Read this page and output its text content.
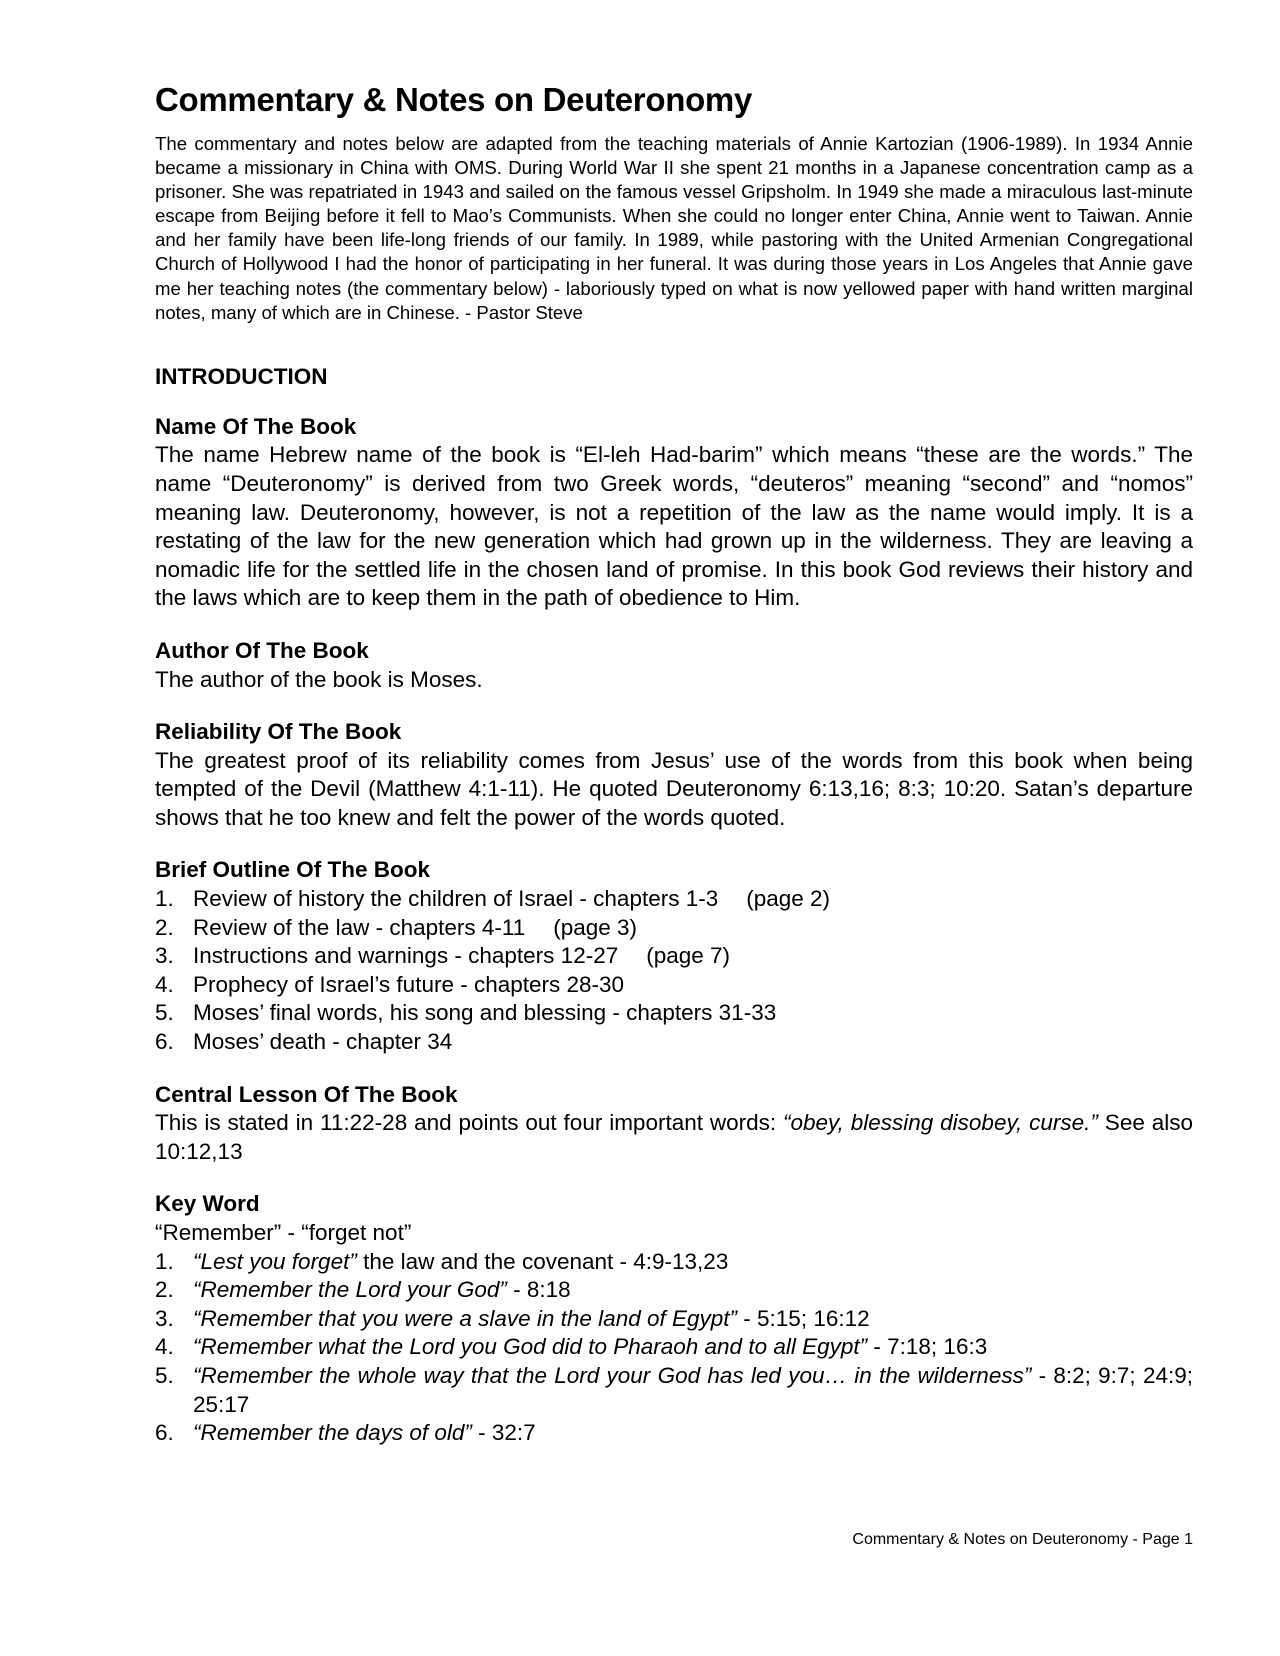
Commentary & Notes on Deuteronomy

The commentary and notes below are adapted from the teaching materials of Annie Kartozian (1906-1989). In 1934 Annie became a missionary in China with OMS. During World War II she spent 21 months in a Japanese concentration camp as a prisoner. She was repatriated in 1943 and sailed on the famous vessel Gripsholm. In 1949 she made a miraculous last-minute escape from Beijing before it fell to Mao’s Communists. When she could no longer enter China, Annie went to Taiwan. Annie and her family have been life-long friends of our family. In 1989, while pastoring with the United Armenian Congregational Church of Hollywood I had the honor of participating in her funeral. It was during those years in Los Angeles that Annie gave me her teaching notes (the commentary below) - laboriously typed on what is now yellowed paper with hand written marginal notes, many of which are in Chinese. - Pastor Steve

INTRODUCTION
Name Of The Book

The name Hebrew name of the book is “El-leh Had-barim” which means “these are the words.” The name “Deuteronomy” is derived from two Greek words, “deuteros” meaning “second” and “nomos” meaning law. Deuteronomy, however, is not a repetition of the law as the name would imply. It is a restating of the law for the new generation which had grown up in the wilderness. They are leaving a nomadic life for the settled life in the chosen land of promise. In this book God reviews their history and the laws which are to keep them in the path of obedience to Him.

Author Of The Book

The author of the book is Moses.

Reliability Of The Book

The greatest proof of its reliability comes from Jesus’ use of the words from this book when being tempted of the Devil (Matthew 4:1-11). He quoted Deuteronomy 6:13,16; 8:3; 10:20. Satan’s departure shows that he too knew and felt the power of the words quoted.

Brief Outline Of The Book
1. Review of history the children of Israel - chapters 1-3 (page 2)
2. Review of the law - chapters 4-11 (page 3)
3. Instructions and warnings - chapters 12-27 (page 7)
4. Prophecy of Israel’s future - chapters 28-30
5. Moses’ final words, his song and blessing - chapters 31-33
6. Moses’ death - chapter 34
Central Lesson Of The Book

This is stated in 11:22-28 and points out four important words: “obey, blessing disobey, curse.” See also 10:12,13

Key Word

“Remember” - “forget not”

1. “Lest you forget” the law and the covenant - 4:9-13,23
2. “Remember the Lord your God” - 8:18
3. “Remember that you were a slave in the land of Egypt” - 5:15; 16:12
4. “Remember what the Lord you God did to Pharaoh and to all Egypt” - 7:18; 16:3
5. “Remember the whole way that the Lord your God has led you… in the wilderness” - 8:2; 9:7; 24:9; 25:17
6. “Remember the days of old” - 32:7
Commentary & Notes on Deuteronomy - Page 1
